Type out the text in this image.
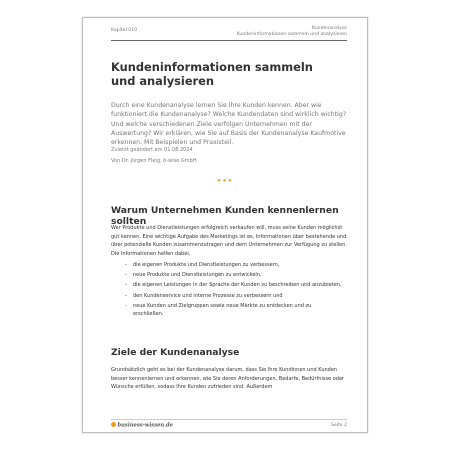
Kapitel 010	Kundenanalyse
Kundeninformationen sammeln und analysieren
Kundeninformationen sammeln und analysieren

Durch eine Kundenanalyse lernen Sie Ihre Kunden kennen. Aber wie funktioniert die Kundenanalyse? Welche Kundendaten sind wirklich wichtig? Und welche verschiedenen Ziele verfolgen Unternehmen mit der Auswertung? Wir erklären, wie Sie auf Basis der Kundenanalyse Kaufmotive erkennen. Mit Beispielen und Praxisteil.

Zuletzt geändert am 01.08.2024
Von Dr. Jürgen Fleig, b-wise GmbH
•••
Warum Unternehmen Kunden kennenlernen sollten

Wer Produkte und Dienstleistungen erfolgreich verkaufen will, muss seine Kunden möglichst gut kennen. Eine wichtige Aufgabe des Marketings ist es, Informationen über bestehende und über potenzielle Kunden zusammenzutragen und dem Unternehmen zur Verfügung zu stellen. Die Informationen helfen dabei,

- die eigenen Produkte und Dienstleistungen zu verbessern,
- neue Produkte und Dienstleistungen zu entwickeln,
- die eigenen Leistungen in der Sprache der Kunden zu beschreiben und anzubieten,
- den Kundenservice und interne Prozesse zu verbessern und
- neue Kunden und Zielgruppen sowie neue Märkte zu entdecken und zu erschließen.
Ziele der Kundenanalyse

Grundsätzlich geht es bei der Kundenanalyse darum, dass Sie Ihre Kundinnen und Kunden besser kennenlernen und erkennen, wie Sie deren Anforderungen, Bedarfe, Bedürfnisse oder Wünsche erfüllen, sodass Ihre Kunden zufrieden sind. Außerdem

business-wissen.de	Seite 2
